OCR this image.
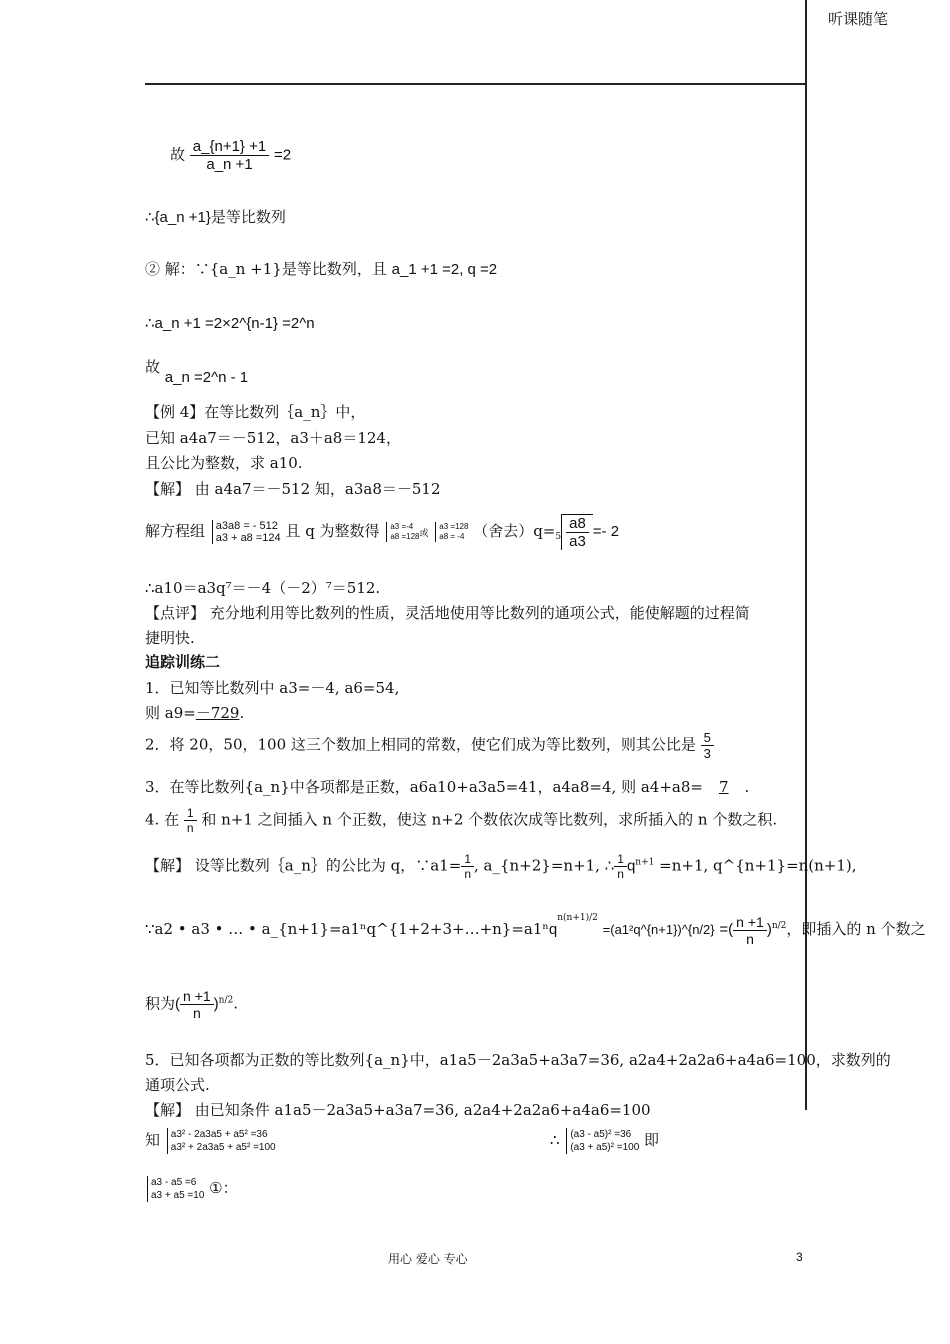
听课随笔
故 $\frac{a\_\{n+1\} +1}{a\_n +1} =2$
∴{a_n +1}是等比数列
② 解：∵{a_n +1}是等比数列，且 a_1 +1 =2, q =2
∴a_n +1 =2×2^{n-1} =2^n
故 a_n =2^n - 1
【例 4】在等比数列｛a_n｝中，
已知 a4a7＝－512，a3＋a8＝124，
且公比为整数，求 a10.
【解】 由 a4a7＝－512 知，a3a8＝－512
解方程组 a3a8 = - 512
a3 + a8 =124 且 q 为整数得 a3 =-4
a8 =128 或
a3 =128
a8 = -4 （舍去）$q=_5 \frac{a8}{a3} =- 2$
∴a10＝a3q⁷＝－4（－2）⁷＝512.
【点评】 充分地利用等比数列的性质，灵活地使用等比数列的通项公式，能使解题的过程简
捷明快.
追踪训练二
1．已知等比数列中 a3=－4, a6=54,
则 a9=－729.
2．将 20，50，100 这三个数加上相同的常数，使它们成为等比数列，则其公比是 $\frac{5}{3}$
3．在等比数列{a_n}中各项都是正数，a6a10+a3a5=41，a4a8=4, 则 a4+a8= 7 .
4. 在 $\frac{1}{n}$ 和 n+1 之间插入 n 个正数，使这 n+2 个数依次成等比数列，求所插入的 n 个数之积.
【解】 设等比数列｛a_n｝的公比为 q，∵a1= $\frac{1}{n}$ , a_{n+2}=n+1, ∴ $\frac{1}{n} q^{n+1} =n+1$, q^{n+1}=n(n+1),
∵a2 • a3 • … • a_{n+1}=a1ⁿq^{1+2+3+…+n}=a1ⁿq$^{n(n+1)/2}$ =(a1²q^{n+1})^{n/2} =( $\frac{n +1}{n} )^{n/2}$，即插入的 n 个数之
积为( $\frac{n +1}{n} )^{n/2}$.
5．已知各项都为正数的等比数列{a_n}中，a1a5－2a3a5+a3a7=36, a2a4+2a2a6+a4a6=100，求数列的
通项公式.
【解】 由已知条件 a1a5－2a3a5+a3a7=36, a2a4+2a2a6+a4a6=100
知 a3² - 2a3a5 + a5² =36
a3² + 2a3a5 + a5² =100	∴ (a3 - a5)² =36
(a3 + a5)² =100 即
a3 - a5 =6
a3 + a5 =10 ①：
用心 爱心 专心	3
